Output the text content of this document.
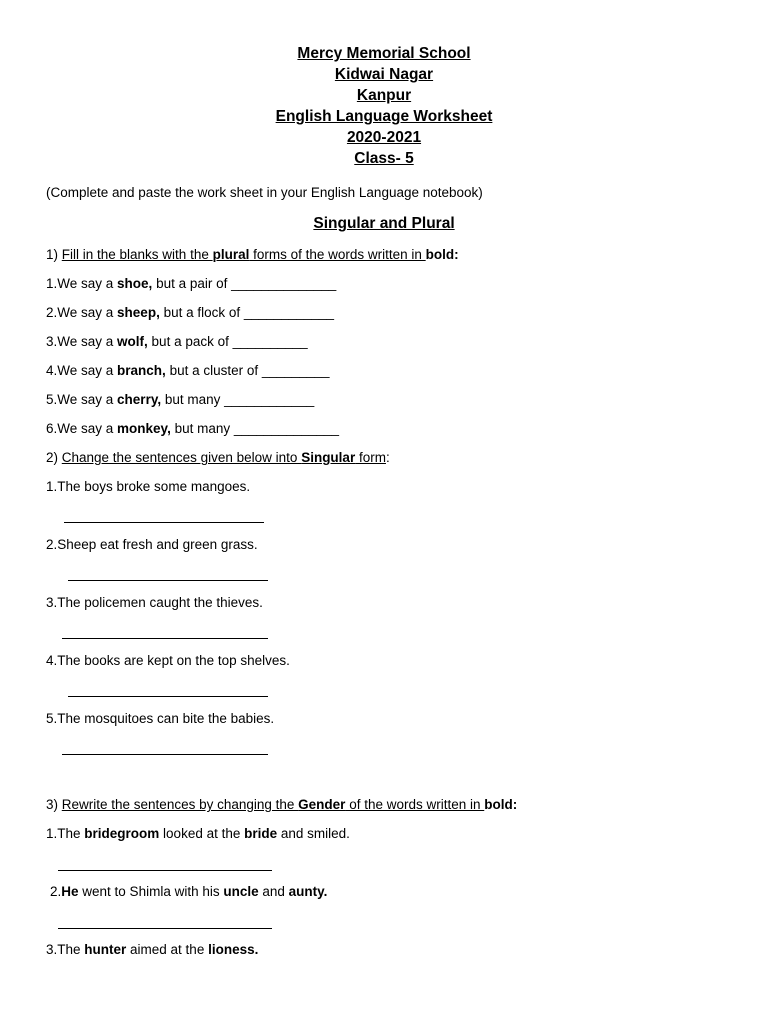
Mercy Memorial School
Kidwai Nagar
Kanpur
English Language Worksheet
2020-2021
Class- 5
(Complete and paste the work sheet in your English Language notebook)
Singular and Plural
1) Fill in the blanks with the plural forms of the words written in bold:
1.We say a shoe, but a pair of ______________
2.We say a sheep, but a flock of ____________
3.We say a wolf, but a pack of __________
4.We say a branch, but a cluster of _________
5.We say a cherry, but many ____________
6.We say a monkey, but many ______________
2) Change the sentences given below into Singular form:
1.The boys broke some mangoes.
2.Sheep eat fresh and green grass.
3.The policemen caught the thieves.
4.The books are kept on the top shelves.
5.The mosquitoes can bite the babies.
3) Rewrite the sentences by changing the Gender of the words written in bold:
1.The bridegroom looked at the bride and smiled.
2.He went to Shimla with his uncle and aunty.
3.The hunter aimed at the lioness.
